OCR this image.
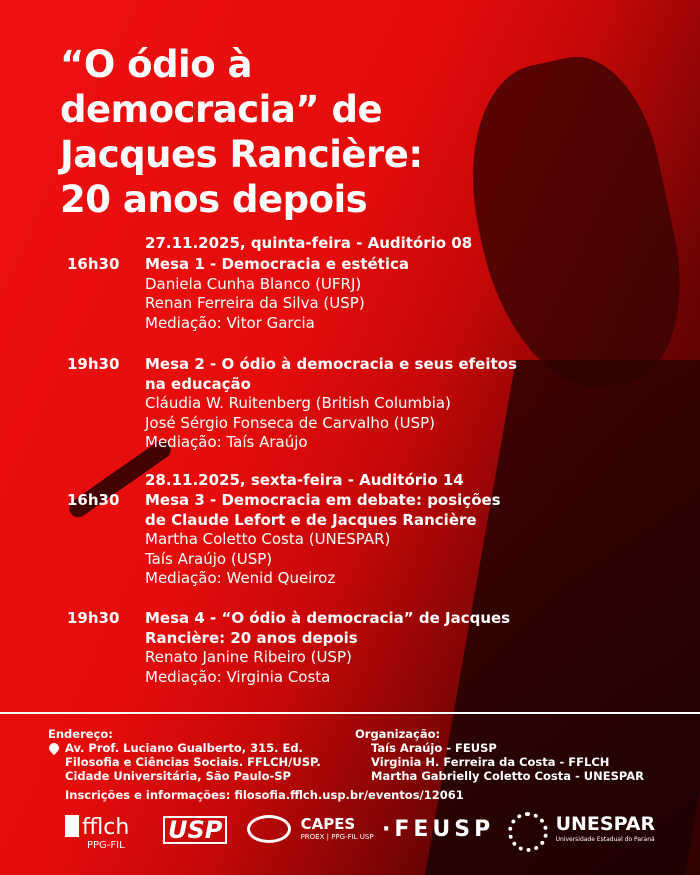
“O ódio à
democracia” de
Jacques Rancière:
20 anos depois
27.11.2025, quinta-feira - Auditório 08
16h30 Mesa 1 - Democracia e estética
Daniela Cunha Blanco (UFRJ)
Renan Ferreira da Silva (USP)
Mediação: Vitor Garcia
19h30 Mesa 2 - O ódio à democracia e seus efeitos
na educação
Cláudia W. Ruitenberg (British Columbia)
José Sérgio Fonseca de Carvalho (USP)
Mediação: Taís Araújo
28.11.2025, sexta-feira - Auditório 14
16h30 Mesa 3 - Democracia em debate: posições
de Claude Lefort e de Jacques Rancière
Martha Coletto Costa (UNESPAR)
Taís Araújo (USP)
Mediação: Wenid Queiroz
19h30 Mesa 4 - “O ódio à democracia” de Jacques
Rancière: 20 anos depois
Renato Janine Ribeiro (USP)
Mediação: Virginia Costa
Endereço:
Av. Prof. Luciano Gualberto, 315. Ed.
Filosofia e Ciências Sociais. FFLCH/USP.
Cidade Universitária, São Paulo-SP
Organização:
Taís Araújo - FEUSP
Virginia H. Ferreira da Costa - FFLCH
Martha Gabrielly Coletto Costa - UNESPAR
Inscrições e informações: filosofia.fflch.usp.br/eventos/12061
fflch
PPG-FIL
USP
	CAPES
PROEX | PPG-FIL USP ·FEUSP
	UNESPAR
Universidade Estadual do Paraná
